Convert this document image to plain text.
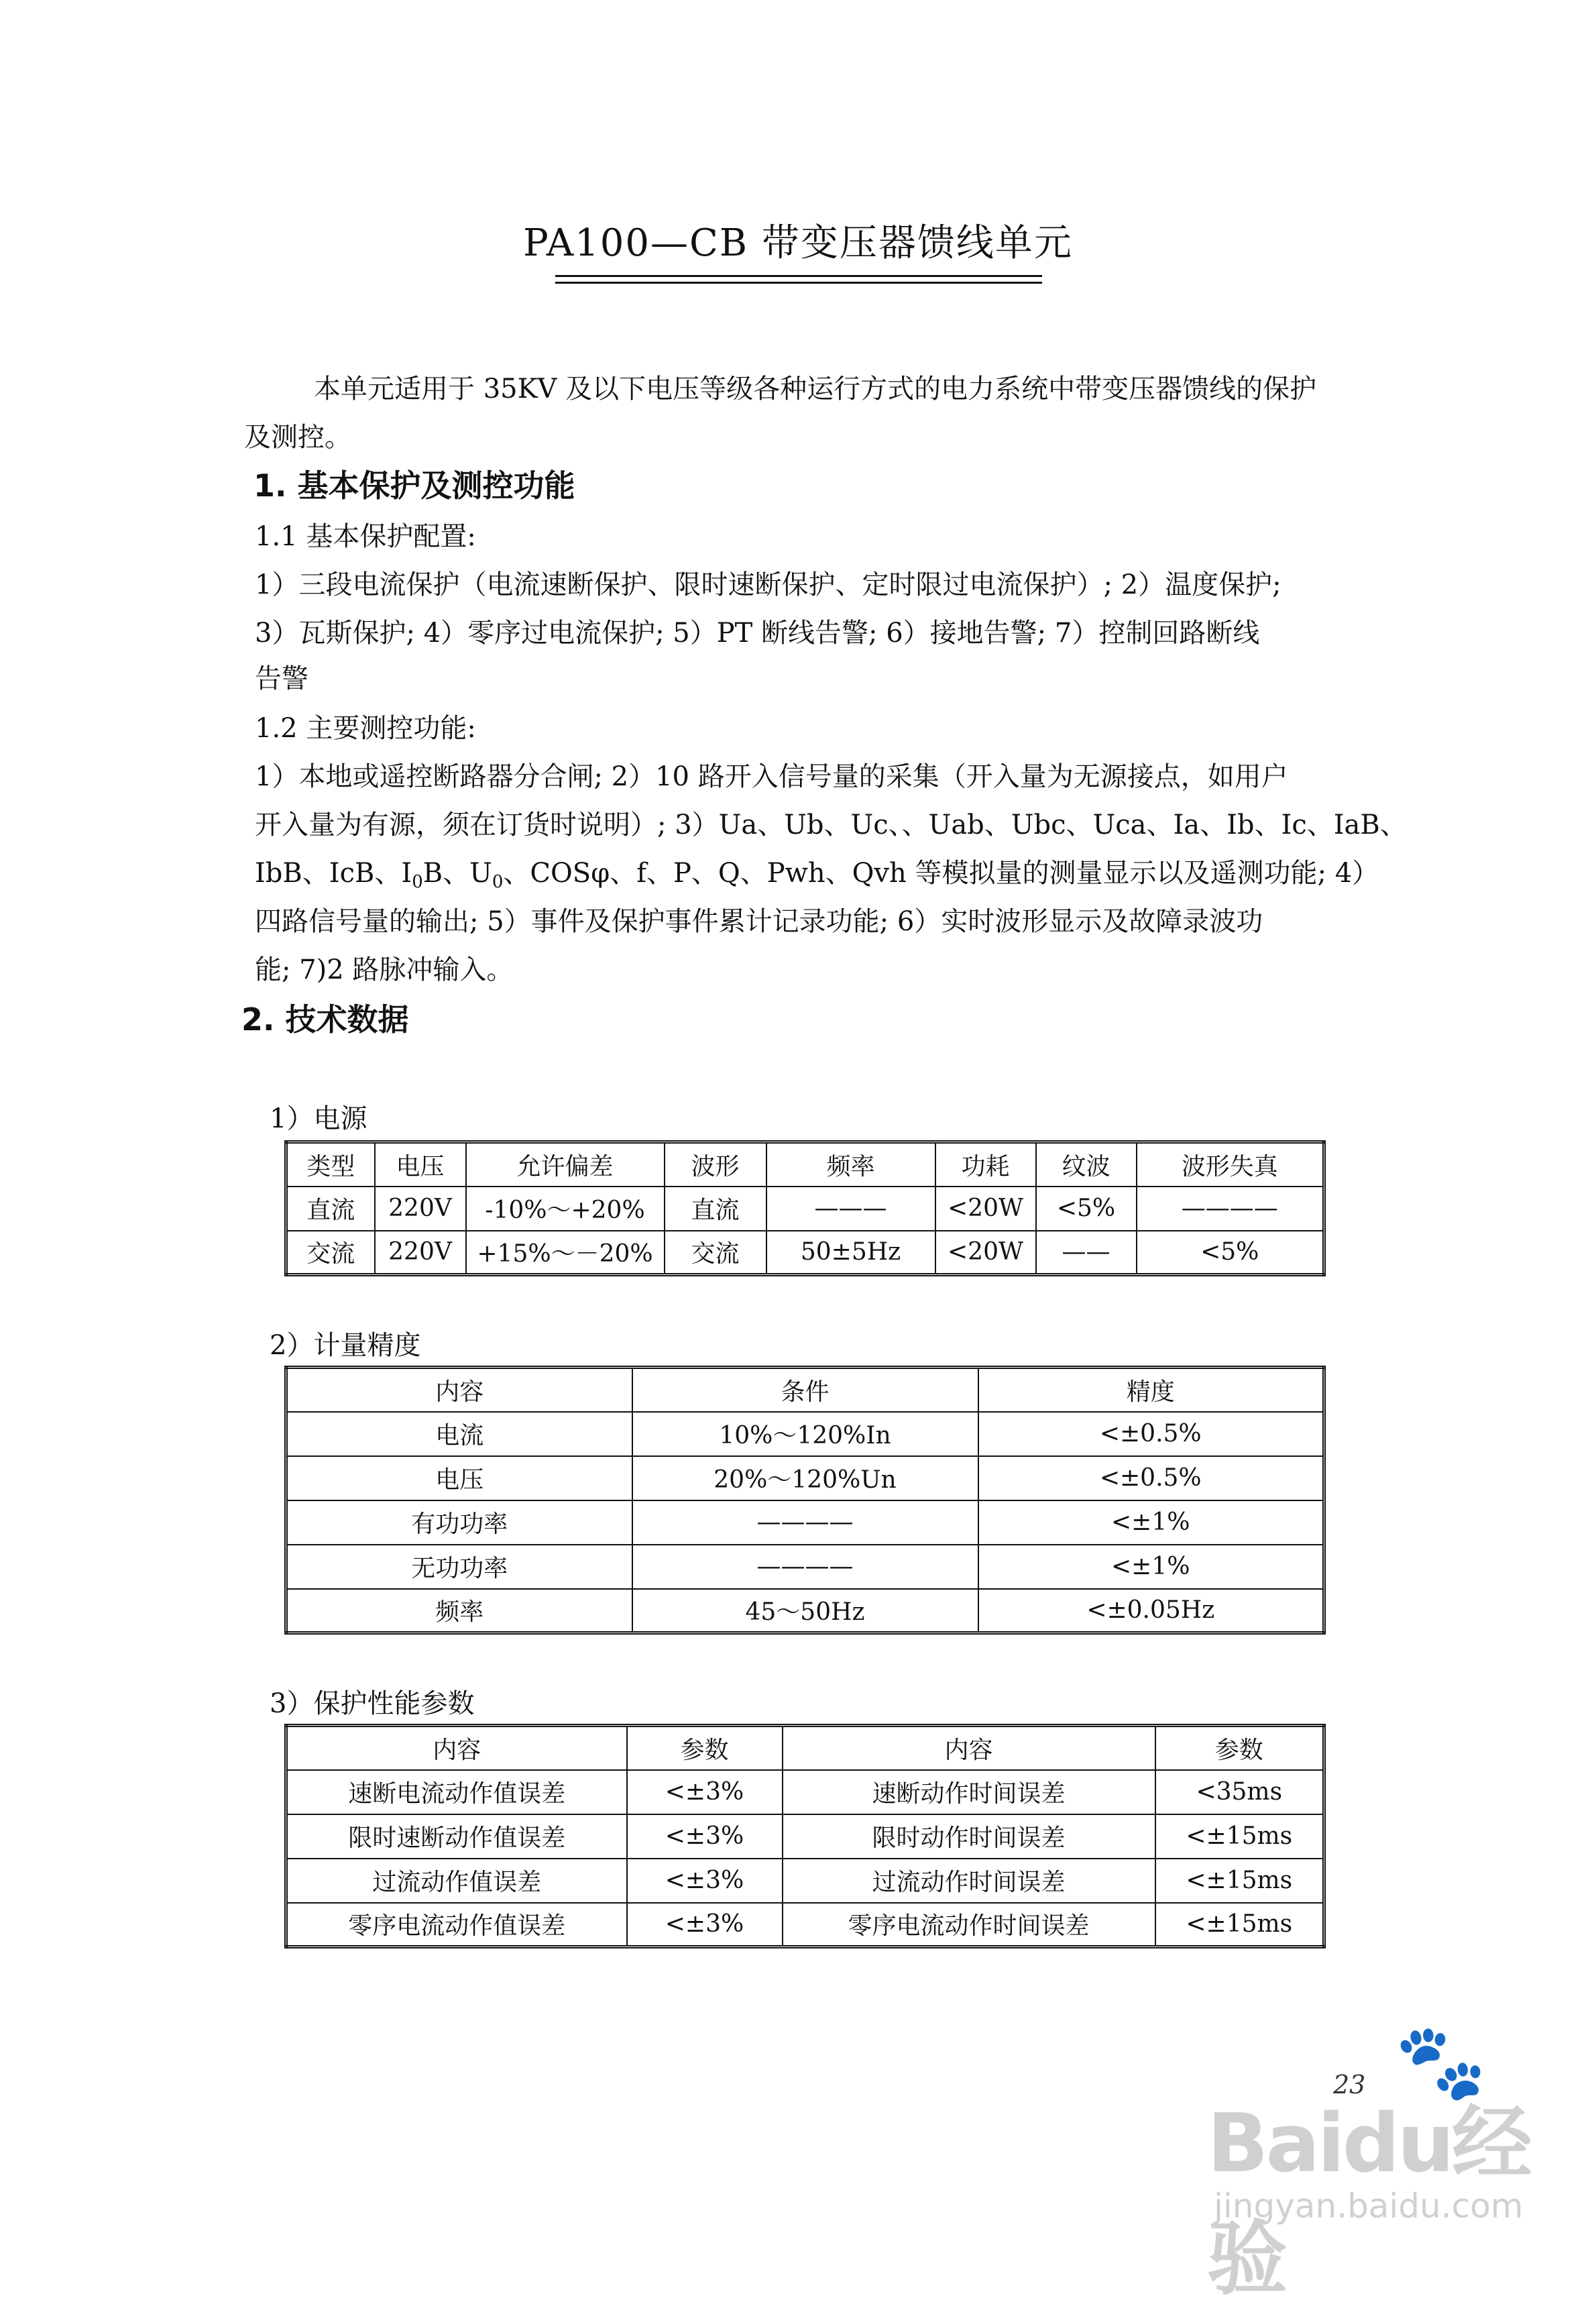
PA100—CB 带变压器馈线单元
本单元适用于 35KV 及以下电压等级各种运行方式的电力系统中带变压器馈线的保护
及测控。
1. 基本保护及测控功能
1.1 基本保护配置:
1）三段电流保护（电流速断保护、限时速断保护、定时限过电流保护）; 2）温度保护;
3）瓦斯保护; 4）零序过电流保护; 5）PT 断线告警; 6）接地告警; 7）控制回路断线
告警
1.2 主要测控功能:
1）本地或遥控断路器分合闸; 2）10 路开入信号量的采集（开入量为无源接点，如用户
开入量为有源，须在订货时说明）; 3）Ua、Ub、Uc、、Uab、Ubc、Uca、Ia、Ib、Ic、IaB、
IbB、IcB、$I_0B$、$U_0$、COSφ、f、P、Q、Pwh、Qvh 等模拟量的测量显示以及遥测功能; 4）
四路信号量的输出; 5）事件及保护事件累计记录功能; 6）实时波形显示及故障录波功
能; 7)2 路脉冲输入。
2. 技术数据
1）电源
类型	电压	允许偏差	波形	频率	功耗	纹波	波形失真
直流	220V	-10%～+20%	直流	———	<20W	<5%	————
交流	220V	+15%～－20%	交流	50±5Hz	<20W	——	<5%
2）计量精度
内容	条件	精度
电流	10%～120%In	<±0.5%
电压	20%～120%Un	<±0.5%
有功功率	————	<±1%
无功功率	————	<±1%
频率	45～50Hz	<±0.05Hz
3）保护性能参数
内容	参数	内容	参数
速断电流动作值误差	<±3%	速断动作时间误差	<35ms
限时速断动作值误差	<±3%	限时动作时间误差	<±15ms
过流动作值误差	<±3%	过流动作时间误差	<±15ms
零序电流动作值误差	<±3%	零序电流动作时间误差	<±15ms
23 🐾
Baidu经验
jingyan.baidu.com
